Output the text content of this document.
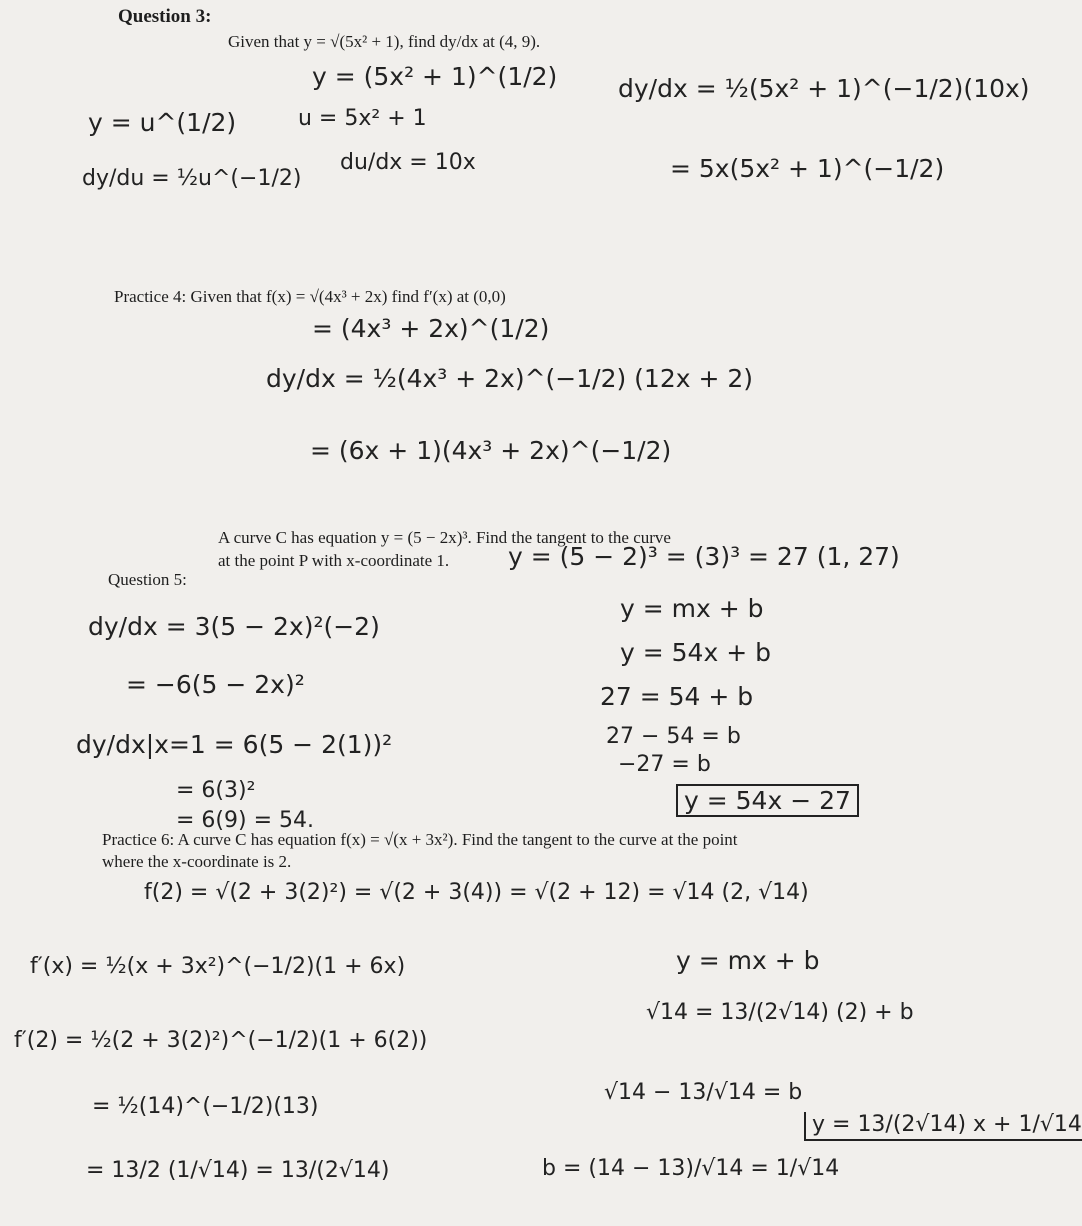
Question 3:
Given that y = √(5x² + 1), find dy/dx at (4, 9).
y = (5x² + 1)^(1/2)
u = 5x² + 1
du/dx = 10x
y = u^(1/2)
dy/du = ½u^(−1/2)
dy/dx = ½(5x² + 1)^(−1/2)(10x)
= 5x(5x² + 1)^(−1/2)
Practice 4: Given that f(x) = √(4x³ + 2x) find f′(x) at (0,0)
= (4x³ + 2x)^(1/2)
dy/dx = ½(4x³ + 2x)^(−1/2) (12x + 2)
= (6x + 1)(4x³ + 2x)^(−1/2)
A curve C has equation y = (5 − 2x)³. Find the tangent to the curve
at the point P with x-coordinate 1.
Question 5:
y = (5 − 2)³ = (3)³ = 27 (1, 27)
dy/dx = 3(5 − 2x)²(−2)
= −6(5 − 2x)²
dy/dx|x=1 = 6(5 − 2(1))²
= 6(3)²
= 6(9) = 54.
y = mx + b
y = 54x + b
27 = 54 + b
27 − 54 = b
−27 = b
y = 54x − 27
Practice 6: A curve C has equation f(x) = √(x + 3x²). Find the tangent to the curve at the point
where the x-coordinate is 2.
f(2) = √(2 + 3(2)²) = √(2 + 3(4)) = √(2 + 12) = √14 (2, √14)
f′(x) = ½(x + 3x²)^(−1/2)(1 + 6x)
f′(2) = ½(2 + 3(2)²)^(−1/2)(1 + 6(2))
= ½(14)^(−1/2)(13)
= 13/2 (1/√14) = 13/(2√14)
y = mx + b
√14 = 13/(2√14) (2) + b
√14 − 13/√14 = b
b = (14 − 13)/√14 = 1/√14
y = 13/(2√14) x + 1/√14
